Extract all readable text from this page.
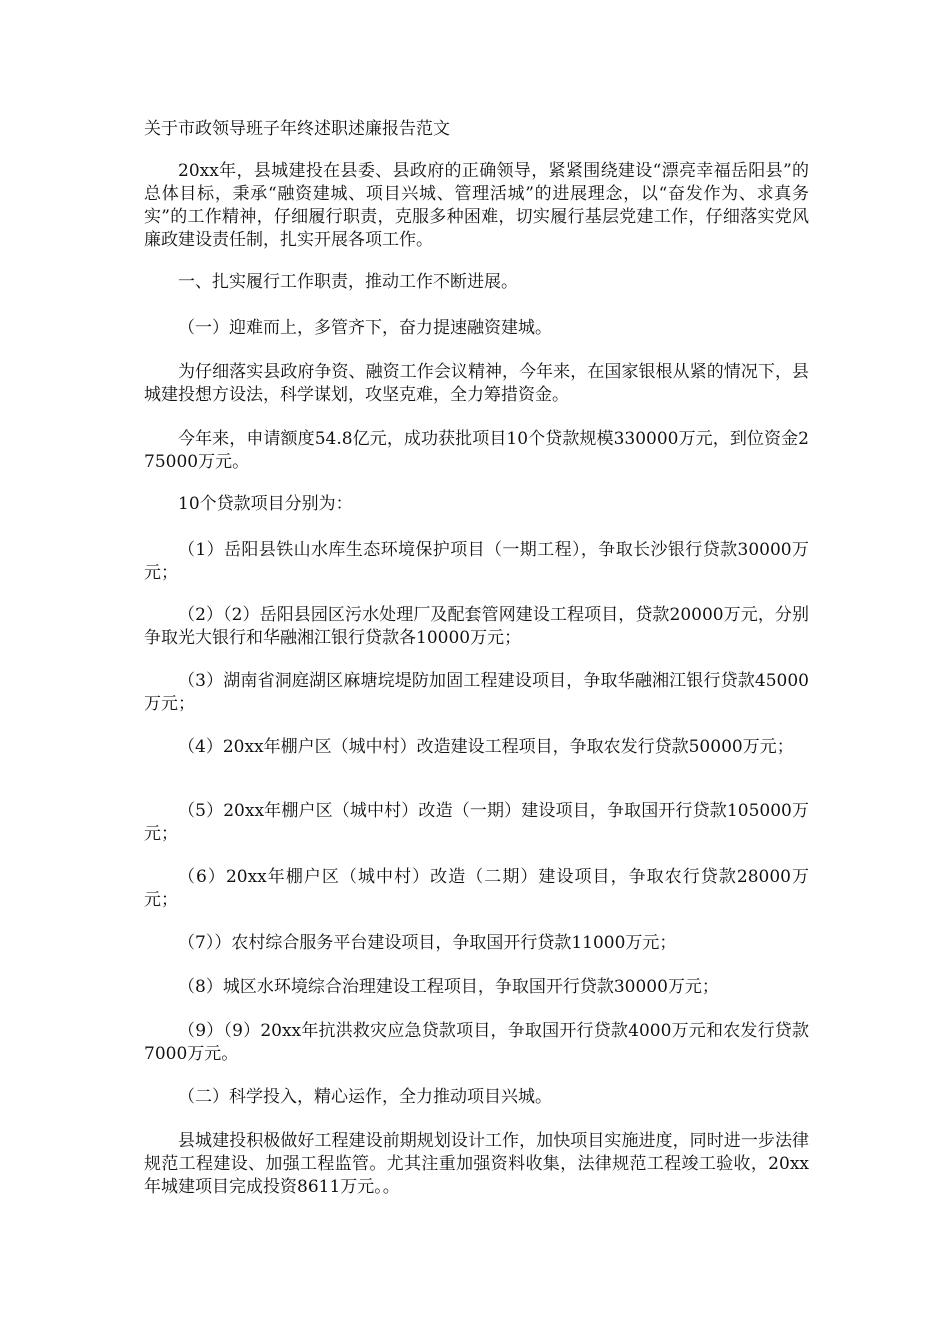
关于市政领导班子年终述职述廉报告范文
20xx年，县城建投在县委、县政府的正确领导，紧紧围绕建设“漂亮幸福岳阳县”的总体目标，秉承“融资建城、项目兴城、管理活城”的进展理念，以“奋发作为、求真务实”的工作精神，仔细履行职责，克服多种困难，切实履行基层党建工作，仔细落实党风廉政建设责任制，扎实开展各项工作。
一、扎实履行工作职责，推动工作不断进展。
（一）迎难而上，多管齐下，奋力提速融资建城。
为仔细落实县政府争资、融资工作会议精神，今年来，在国家银根从紧的情况下，县城建投想方设法，科学谋划，攻坚克难，全力筹措资金。
今年来，申请额度54.8亿元，成功获批项目10个贷款规模330000万元，到位资金275000万元。
10个贷款项目分别为：
（1）岳阳县铁山水库生态环境保护项目（一期工程），争取长沙银行贷款30000万元；
（2）（2）岳阳县园区污水处理厂及配套管网建设工程项目，贷款20000万元，分别争取光大银行和华融湘江银行贷款各10000万元；
（3）湖南省洞庭湖区麻塘垸堤防加固工程建设项目，争取华融湘江银行贷款45000万元；
（4）20xx年棚户区（城中村）改造建设工程项目，争取农发行贷款50000万元；
（5）20xx年棚户区（城中村）改造（一期）建设项目，争取国开行贷款105000万元；
（6）20xx年棚户区（城中村）改造（二期）建设项目，争取农行贷款28000万元；
（7））农村综合服务平台建设项目，争取国开行贷款11000万元；
（8）城区水环境综合治理建设工程项目，争取国开行贷款30000万元；
（9）（9）20xx年抗洪救灾应急贷款项目，争取国开行贷款4000万元和农发行贷款7000万元。
（二）科学投入，精心运作，全力推动项目兴城。
县城建投积极做好工程建设前期规划设计工作，加快项目实施进度，同时进一步法律规范工程建设、加强工程监管。尤其注重加强资料收集，法律规范工程竣工验收，20xx年城建项目完成投资8611万元。。
